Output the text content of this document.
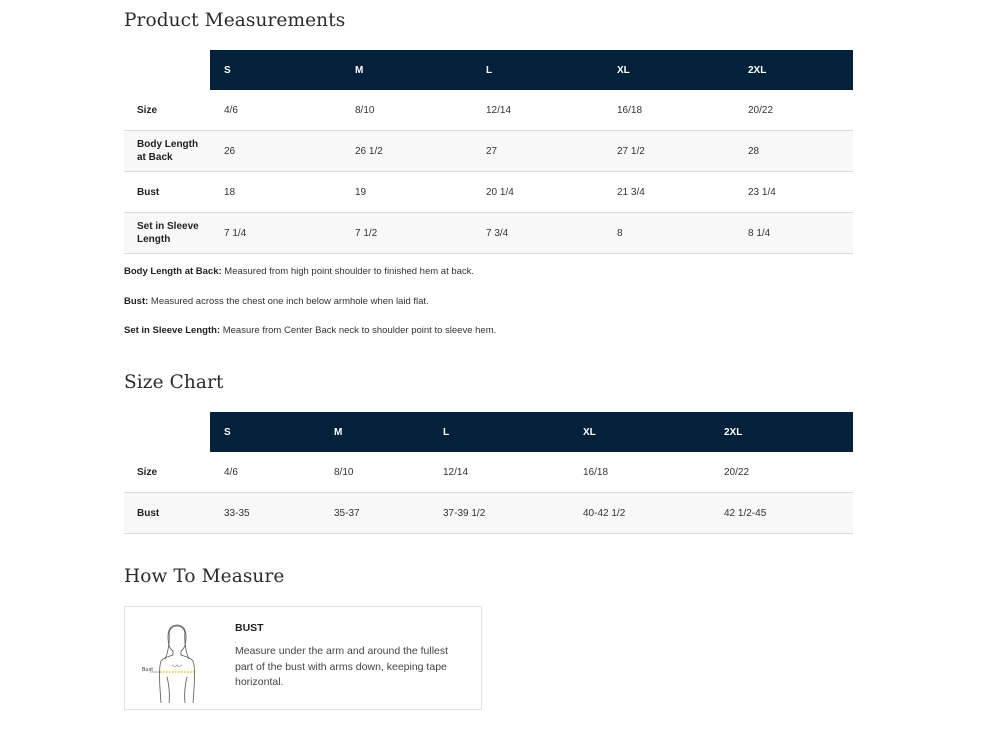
Product Measurements
	S	M	L	XL	2XL
Size	4/6	8/10	12/14	16/18	20/22

Body Length at Back	26	26 1/2	27	27 1/2	28
Bust	18	19	20 1/4	21 3/4	23 1/4

Set in Sleeve Length	7 1/4	7 1/2	7 3/4	8	8 1/4

Body Length at Back: Measured from high point shoulder to finished hem at back.

Bust: Measured across the chest one inch below armhole when laid flat.

Set in Sleeve Length: Measure from Center Back neck to shoulder point to sleeve hem.

Size Chart
	S	M	L	XL	2XL
Size	4/6	8/10	12/14	16/18	20/22
Bust	33-35	35-37	37-39 1/2	40-42 1/2	42 1/2-45
How To Measure
Bust
BUST
Measure under the arm and around the fullest part of the bust with arms down, keeping tape horizontal.
